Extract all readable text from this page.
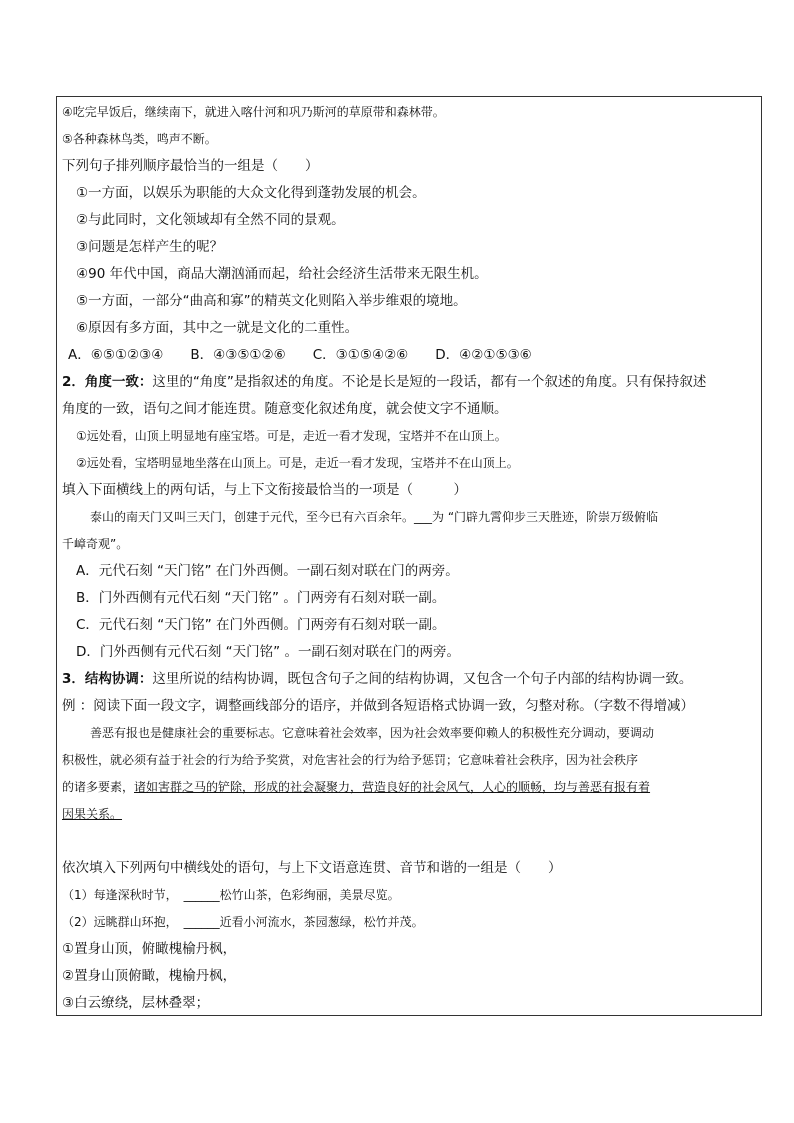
④吃完早饭后，继续南下，就进入喀什河和巩乃斯河的草原带和森林带。
⑤各种森林鸟类，鸣声不断。
下列句子排列顺序最恰当的一组是（　　）
①一方面，以娱乐为职能的大众文化得到蓬勃发展的机会。
②与此同时，文化领域却有全然不同的景观。
③问题是怎样产生的呢？
④90 年代中国，商品大潮汹涌而起，给社会经济生活带来无限生机。
⑤一方面，一部分“曲高和寡”的精英文化则陷入举步维艰的境地。
⑥原因有多方面，其中之一就是文化的二重性。
A．⑥⑤①②③④　　B．④③⑤①②⑥　　C．③①⑤④②⑥　　D．④②①⑤③⑥
2．角度一致：这里的“角度”是指叙述的角度。不论是长是短的一段话，都有一个叙述的角度。只有保持叙述
角度的一致，语句之间才能连贯。随意变化叙述角度，就会使文字不通顺。
①远处看，山顶上明显地有座宝塔。可是，走近一看才发现，宝塔并不在山顶上。
②远处看，宝塔明显地坐落在山顶上。可是，走近一看才发现，宝塔并不在山顶上。
填入下面横线上的两句话，与上下文衔接最恰当的一项是（　　　）
泰山的南天门又叫三天门，创建于元代，至今已有六百余年。___为 “门辟九霄仰步三天胜迹，阶崇万级俯临
千嶂奇观”。
A．元代石刻 “天门铭” 在门外西侧。一副石刻对联在门的两旁。
B．门外西侧有元代石刻 “天门铭” 。门两旁有石刻对联一副。
C．元代石刻 “天门铭” 在门外西侧。门两旁有石刻对联一副。
D．门外西侧有元代石刻 “天门铭” 。一副石刻对联在门的两旁。
3．结构协调：这里所说的结构协调，既包含句子之间的结构协调，又包含一个句子内部的结构协调一致。
例 ：阅读下面一段文字，调整画线部分的语序，并做到各短语格式协调一致，匀整对称。（字数不得增减）
善恶有报也是健康社会的重要标志。它意味着社会效率，因为社会效率要仰赖人的积极性充分调动，要调动
积极性，就必须有益于社会的行为给予奖赏，对危害社会的行为给予惩罚；它意味着社会秩序，因为社会秩序
的诸多要素，诸如害群之马的铲除，形成的社会凝聚力，营造良好的社会风气，人心的顺畅，均与善恶有报有着
因果关系。
依次填入下列两句中横线处的语句，与上下文语意连贯、音节和谐的一组是（　　）
（1）每逢深秋时节， ______松竹山茶，色彩绚丽，美景尽览。
（2）远眺群山环抱， ______近看小河流水，茶园葱绿，松竹并茂。
①置身山顶，俯瞰槐榆丹枫，
②置身山顶俯瞰，槐榆丹枫，
③白云缭绕，层林叠翠；
